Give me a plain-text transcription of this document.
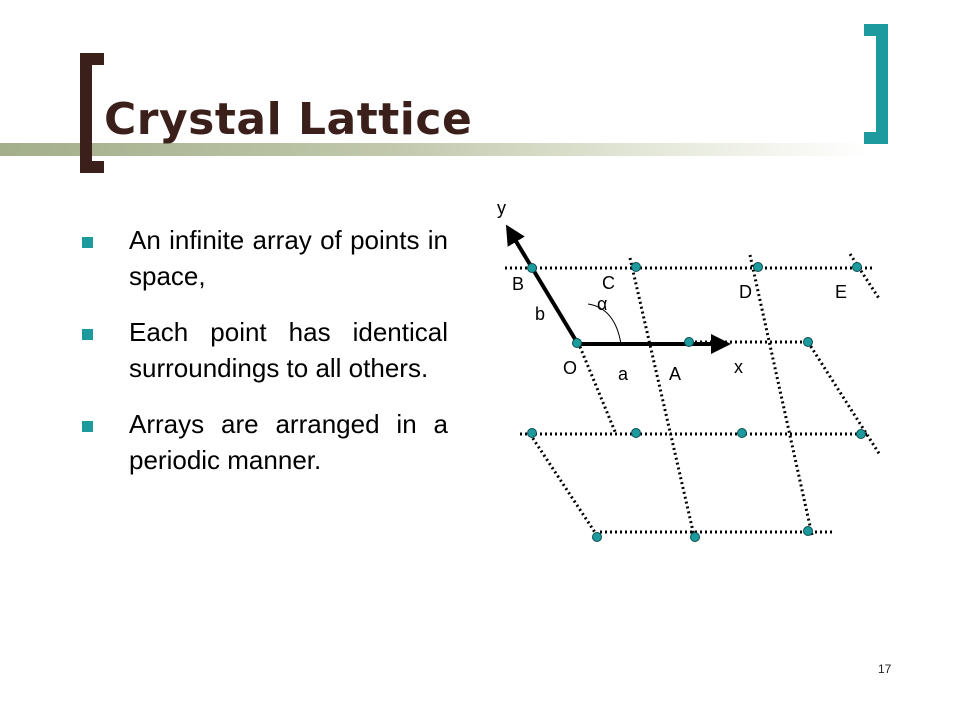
Crystal Lattice
An infinite array of points in space,
Each point has identical surroundings to all others.
Arrays are arranged in a periodic manner.
y
B	C	D	E
α
b
O a A	x
17
